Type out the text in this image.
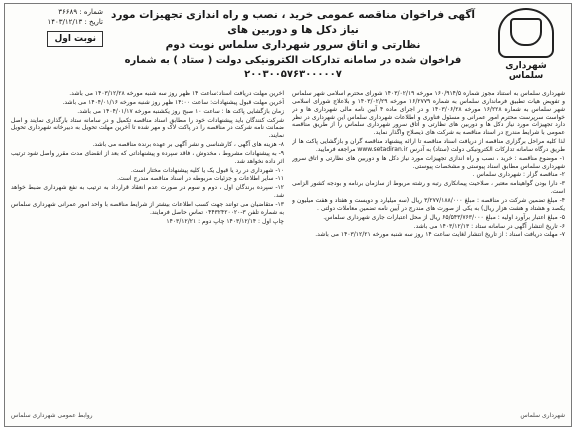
شهرداری سلماس
آگهی فراخوان مناقصه عمومی خرید ، نصب و راه اندازی تجهیزات مورد نیاز دکل ها و دوربین های
نظارتی و اتاق سرور شهرداری سلماس نوبت دوم
فراخوان شده در سامانه تدارکات الکترونیکی دولت ( ستاد ) به شماره ۲۰۰۳۰۰۵۷۶۳۰۰۰۰۰۷
شماره : ۳۶۶۸۹
تاریخ : ۱۴۰۳/۱۲/۱۳
نوبت اول

شهرداری سلماس به استناد مجوز شماره ۱۶۰/۹۱۴/۵ مورخه ۱۴۰۳/۰۲/۱۹ شورای محترم اسلامی شهر سلماس و تفویض هیات تطبیق فرمانداری سلماس به شماره ۱۶/۲۷۷۹ مورخه ۱۴۰۳/۰۲/۲۹ و بلاعلاج شورای اسلامی شهر سلماس به شماره ۱۶/۲۲۸ مورخه ۱۴۰۳/۰۶/۲۸ و در اجرای ماده ۴ آیین نامه مالی شهرداری ها و در خواست سرپرست محترم امور عمرانی و مسئول فناوری و اطلاعات شهرداری سلماس این شهرداری در نظر دارد تجهیزات مورد نیاز دکل ها و دوربین های نظارتی و اتاق سرور شهرداری سلماس را از طریق مناقصه عمومی با شرایط مندرج در اسناد مناقصه به شرکت های ذیصلاح واگذار نماید.

لذا کلیه مراحل برگزاری مناقصه از دریافت اسناد مناقصه تا ارائه پیشنهاد مناقصه گران و بازگشایی پاکت ها از طریق درگاه سامانه تدارکات الکترونیکی دولت (ستاد) به آدرس www.setadiran.ir مراجعه فرمایید.

۱- موضوع مناقصه : خرید ، نصب و راه اندازی تجهیزات مورد نیاز دکل ها و دوربین های نظارتی و اتاق سرور شهرداری سلماس مطابق اسناد پیوستی و مشخصات پیوستی.

۲- مناقصه گزار : شهرداری سلماس .

۳- دارا بودن گواهینامه معتبر ، صلاحیت پیمانکاری رتبه و رشته مربوط از سازمان برنامه و بودجه کشور الزامی است.

۴- مبلغ تضمین شرکت در مناقصه : مبلغ ۳/۲۷۷/۱۸۸/۰۰۰ ریال (سه میلیارد و دویست و هفتاد و هفت میلیون و یکصد و هشتاد و هشت هزار ریال) به یکی از صورت های مندرج در آیین نامه تضمین معاملات دولتی .

۵- مبلغ اعتبار برآورد اولیه : مبلغ ۶۵/۵۴۳/۷۶۳/۰۰۰ ریال از محل اعتبارات جاری شهرداری سلماس.

۶- تاریخ انتشار آگهی در سامانه ستاد : ۱۴۰۳/۱۲/۱۳ می باشد.

۷- مهلت دریافت اسناد : از تاریخ انتشار لغایت ساعت ۱۴ روز سه شنبه مورخه ۱۴۰۳/۱۲/۲۱ می باشد.

آخرین مهلت دریافت اسناد:ساعت ۱۴ ظهر روز سه شنبه مورخه ۱۴۰۳/۱۲/۲۸ می باشد.

آخرین مهلت قبول پیشنهادات: ساعت ۱۴:۰۰ ظهر روز شنبه مورخه ۱۴۰۴/۰۱/۱۶ می باشد.

زمان بازگشایی پاکت ها : ساعت ۱۰ صبح روز یکشنبه مورخه ۱۴۰۴/۰۱/۱۷ می باشد.

شرکت کنندگان باید پیشنهادات خود را مطابق اسناد مناقصه تکمیل و در سامانه ستاد بارگذاری نمایند و اصل ضمانت نامه شرکت در مناقصه را در پاکت لاک و مهر شده تا آخرین مهلت تحویل به دبیرخانه شهرداری تحویل نمایند.

۸- هزینه های آگهی ، کارشناسی و نشر آگهی بر عهده برنده مناقصه می باشد.

۹- به پیشنهادات مشروط ، مخدوش ، فاقد سپرده و پیشنهاداتی که بعد از انقضای مدت مقرر واصل شود ترتیب اثر داده نخواهد شد.

۱۰- شهرداری در رد یا قبول یک یا کلیه پیشنهادات مختار است.

۱۱- سایر اطلاعات و جزئیات مربوطه در اسناد مناقصه مندرج است.

۱۲- سپرده برندگان اول ، دوم و سوم در صورت عدم انعقاد قرارداد به ترتیب به نفع شهرداری ضبط خواهد شد.

۱۳- متقاضیان می توانند جهت کسب اطلاعات بیشتر از شرایط مناقصه با واحد امور عمرانی شهرداری سلماس به شماره تلفن ۳-۰۴۴۳۲۴۲۰۰۲۰ تماس حاصل فرمایند.

چاپ اول : ۱۴۰۳/۱۲/۱۴ چاپ دوم : ۱۴۰۳/۱۲/۲۱

شهرداری سلماس
روابط عمومی شهرداری سلماس
